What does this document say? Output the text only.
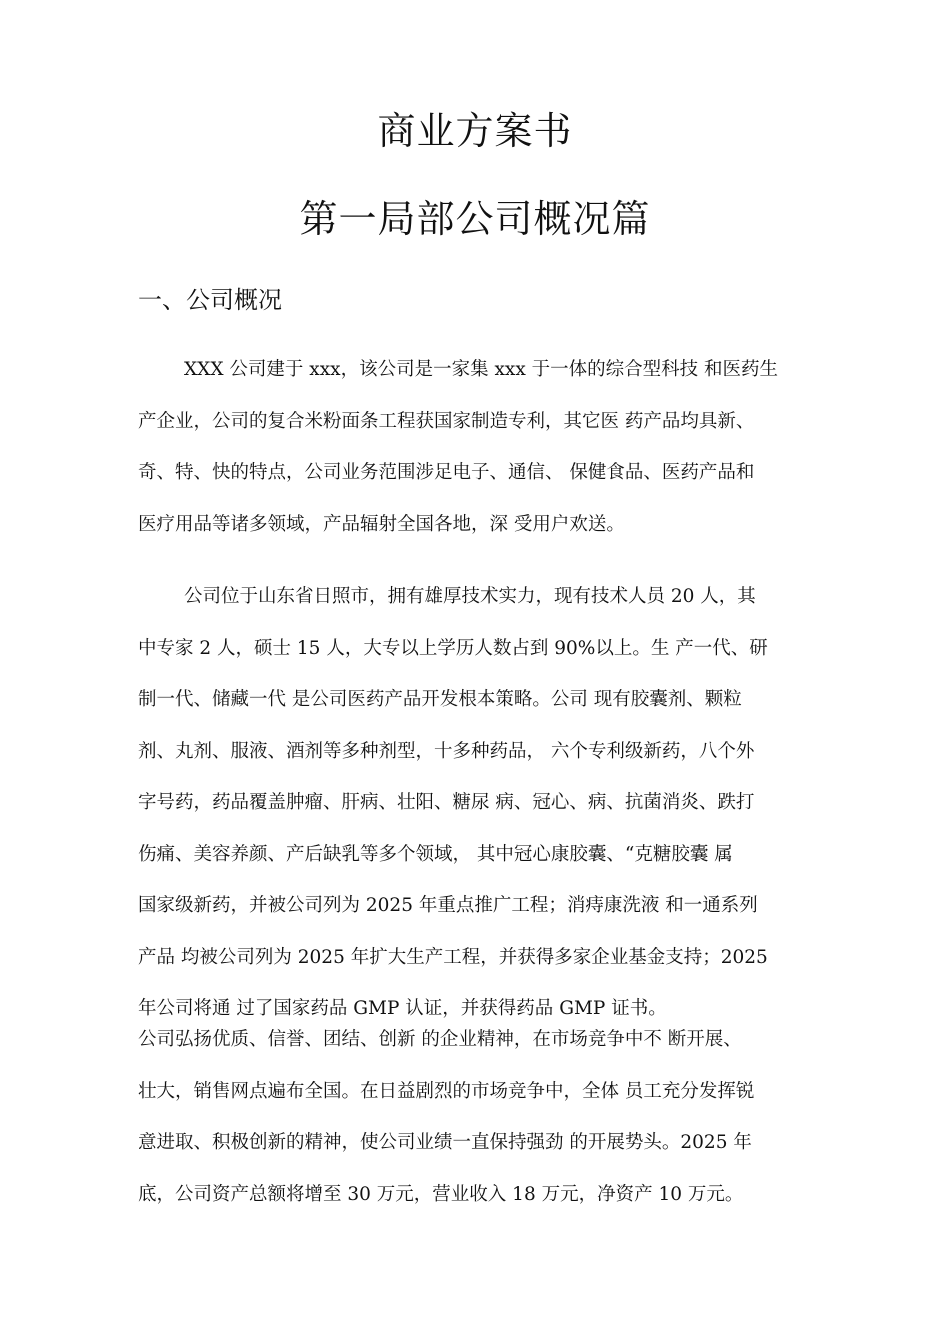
商业方案书
第一局部公司概况篇
一、公司概况

XXX 公司建于 xxx，该公司是一家集 xxx 于一体的综合型科技 和医药生
产企业，公司的复合米粉面条工程获国家制造专利，其它医 药产品均具新、
奇、特、快的特点，公司业务范围涉足电子、通信、 保健食品、医药产品和
医疗用品等诸多领域，产品辐射全国各地，深 受用户欢送。

公司位于山东省日照市，拥有雄厚技术实力，现有技术人员 20 人，其
中专家 2 人，硕士 15 人，大专以上学历人数占到 90%以上。生 产一代、研
制一代、储藏一代 是公司医药产品开发根本策略。公司 现有胶囊剂、颗粒
剂、丸剂、服液、酒剂等多种剂型，十多种药品， 六个专利级新药，八个外
字号药，药品覆盖肿瘤、肝病、壮阳、糖尿 病、冠心、病、抗菌消炎、跌打
伤痛、美容养颜、产后缺乳等多个领域， 其中冠心康胶囊、“克糖胶囊 属
国家级新药，并被公司列为 2025 年重点推广工程；消痔康洗液 和一通系列
产品 均被公司列为 2025 年扩大生产工程，并获得多家企业基金支持；2025
年公司将通 过了国家药品 GMP 认证，并获得药品 GMP 证书。

公司弘扬优质、信誉、团结、创新 的企业精神，在市场竞争中不 断开展、
壮大，销售网点遍布全国。在日益剧烈的市场竞争中，全体 员工充分发挥锐
意进取、积极创新的精神，使公司业绩一直保持强劲 的开展势头。2025 年
底，公司资产总额将增至 30 万元，营业收入 18 万元，净资产 10 万元。
